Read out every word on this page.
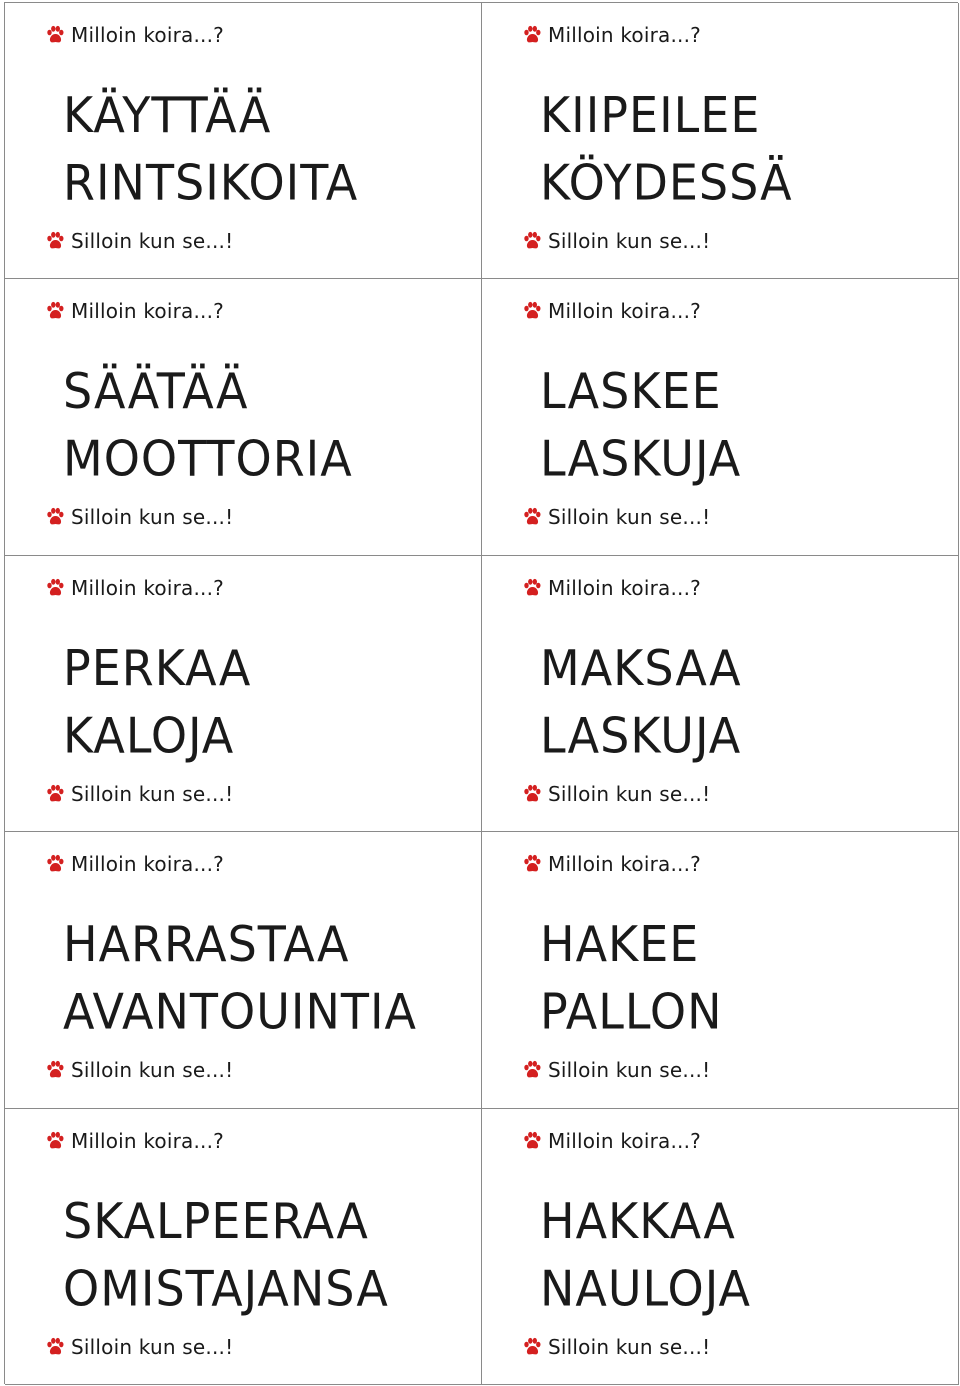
Milloin koira...?
KÄYTTÄÄ
RINTSIKOITA
Silloin kun se...!
Milloin koira...?
KIIPEILEE
KÖYDESSÄ
Silloin kun se...!
Milloin koira...?
SÄÄTÄÄ
MOOTTORIA
Silloin kun se...!
Milloin koira...?
LASKEE
LASKUJA
Silloin kun se...!
Milloin koira...?
PERKAA
KALOJA
Silloin kun se...!
Milloin koira...?
MAKSAA
LASKUJA
Silloin kun se...!
Milloin koira...?
HARRASTAA
AVANTOUINTIA
Silloin kun se...!
Milloin koira...?
HAKEE
PALLON
Silloin kun se...!
Milloin koira...?
SKALPEERAA
OMISTAJANSA
Silloin kun se...!
Milloin koira...?
HAKKAA
NAULOJA
Silloin kun se...!
